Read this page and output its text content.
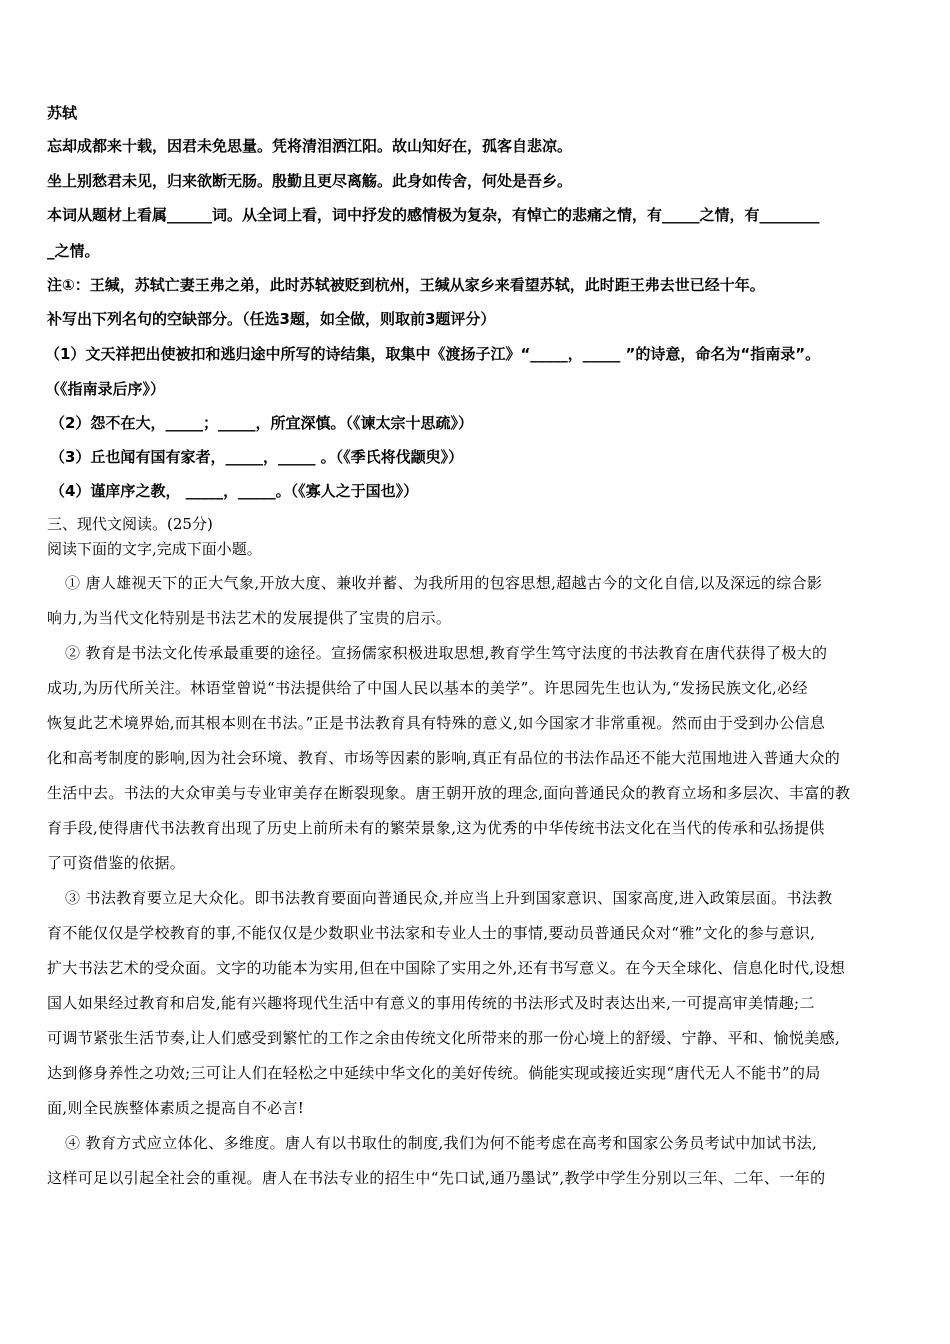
苏轼
忘却成都来十载，因君未免思量。凭将清泪洒江阳。故山知好在，孤客自悲凉。
坐上别愁君未见，归来欲断无肠。殷勤且更尽离觞。此身如传舍，何处是吾乡。
本词从题材上看属______词。从全词上看，词中抒发的感情极为复杂，有悼亡的悲痛之情，有_____之情，有________
_之情。
注①：王缄，苏轼亡妻王弗之弟，此时苏轼被贬到杭州，王缄从家乡来看望苏轼，此时距王弗去世已经十年。
补写出下列名句的空缺部分。（任选3题，如全做，则取前3题评分）
（1）文天祥把出使被扣和逃归途中所写的诗结集，取集中《渡扬子江》“_____，_____ ”的诗意，命名为“指南录”。
（《指南录后序》）
（2）怨不在大，_____；_____，所宜深慎。（《谏太宗十思疏》）
（3）丘也闻有国有家者，_____，_____ 。（《季氏将伐颛臾》）
（4）谨庠序之教， _____，_____。（《寡人之于国也》）
三、现代文阅读。(25分)
阅读下面的文字,完成下面小题。
① 唐人雄视天下的正大气象,开放大度、兼收并蓄、为我所用的包容思想,超越古今的文化自信,以及深远的综合影
响力,为当代文化特别是书法艺术的发展提供了宝贵的启示。
② 教育是书法文化传承最重要的途径。宣扬儒家积极进取思想,教育学生笃守法度的书法教育在唐代获得了极大的
成功,为历代所关注。林语堂曾说“书法提供给了中国人民以基本的美学”。许思园先生也认为,“发扬民族文化,必经
恢复此艺术境界始,而其根本则在书法。”正是书法教育具有特殊的意义,如今国家才非常重视。然而由于受到办公信息
化和高考制度的影响,因为社会环境、教育、市场等因素的影响,真正有品位的书法作品还不能大范围地进入普通大众的
生活中去。书法的大众审美与专业审美存在断裂现象。唐王朝开放的理念,面向普通民众的教育立场和多层次、丰富的教
育手段,使得唐代书法教育出现了历史上前所未有的繁荣景象,这为优秀的中华传统书法文化在当代的传承和弘扬提供
了可资借鉴的依据。
③ 书法教育要立足大众化。即书法教育要面向普通民众,并应当上升到国家意识、国家高度,进入政策层面。书法教
育不能仅仅是学校教育的事,不能仅仅是少数职业书法家和专业人士的事情,要动员普通民众对“雅”文化的参与意识,
扩大书法艺术的受众面。文字的功能本为实用,但在中国除了实用之外,还有书写意义。在今天全球化、信息化时代,设想
国人如果经过教育和启发,能有兴趣将现代生活中有意义的事用传统的书法形式及时表达出来,一可提高审美情趣;二
可调节紧张生活节奏,让人们感受到繁忙的工作之余由传统文化所带来的那一份心境上的舒缓、宁静、平和、愉悦美感,
达到修身养性之功效;三可让人们在轻松之中延续中华文化的美好传统。倘能实现或接近实现“唐代无人不能书”的局
面,则全民族整体素质之提高自不必言!
④ 教育方式应立体化、多维度。唐人有以书取仕的制度,我们为何不能考虑在高考和国家公务员考试中加试书法,
这样可足以引起全社会的重视。唐人在书法专业的招生中“先口试,通乃墨试”,教学中学生分别以三年、二年、一年的
